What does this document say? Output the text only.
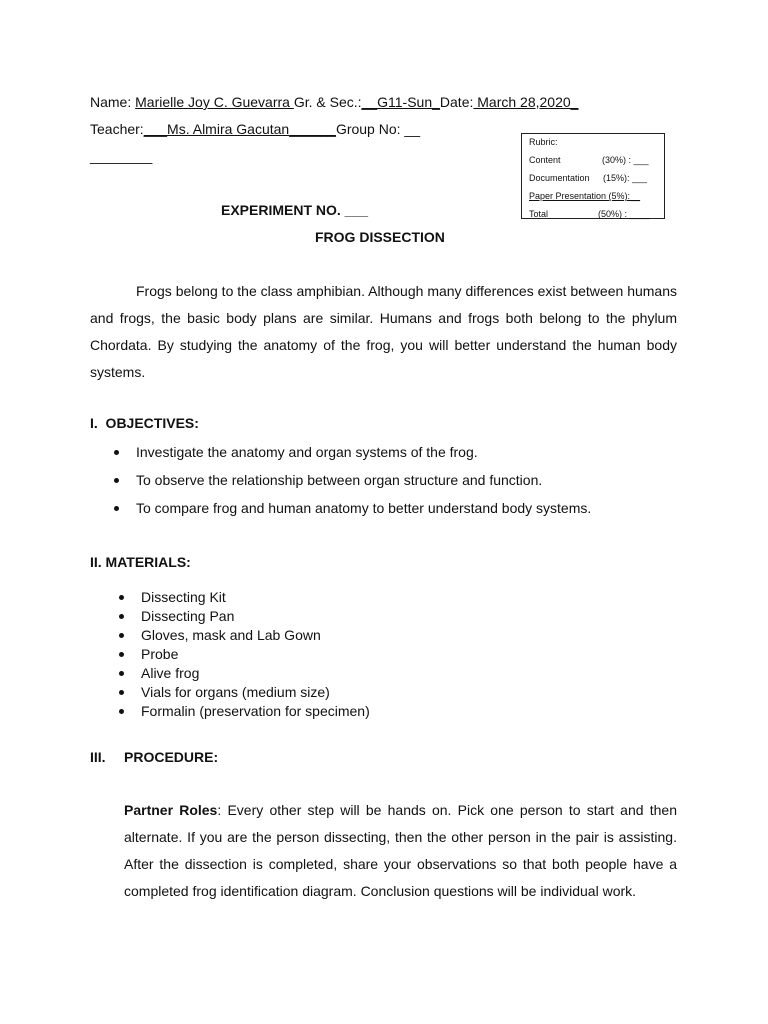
Name: Marielle Joy C. Guevarra Gr. & Sec.:__G11-Sun_Date: March 28,2020_
Teacher:___Ms. Almira Gacutan______Group No: __
________
Rubric:
Content	(30%) : ___
Documentation (15%): ___
Paper Presentation (5%):__
Total	(50%) : ____
EXPERIMENT NO. ___
FROG DISSECTION

Frogs belong to the class amphibian. Although many differences exist between humans and frogs, the basic body plans are similar. Humans and frogs both belong to the phylum Chordata. By studying the anatomy of the frog, you will better understand the human body systems.

I.  OBJECTIVES:
Investigate the anatomy and organ systems of the frog.
To observe the relationship between organ structure and function.
To compare frog and human anatomy to better understand body systems.
II. MATERIALS:
Dissecting Kit
Dissecting Pan
Gloves, mask and Lab Gown
Probe
Alive frog
Vials for organs (medium size)
Formalin (preservation for specimen)
III. PROCEDURE:

Partner Roles: Every other step will be hands on. Pick one person to start and then alternate. If you are the person dissecting, then the other person in the pair is assisting. After the dissection is completed, share your observations so that both people have a completed frog identification diagram. Conclusion questions will be individual work.
